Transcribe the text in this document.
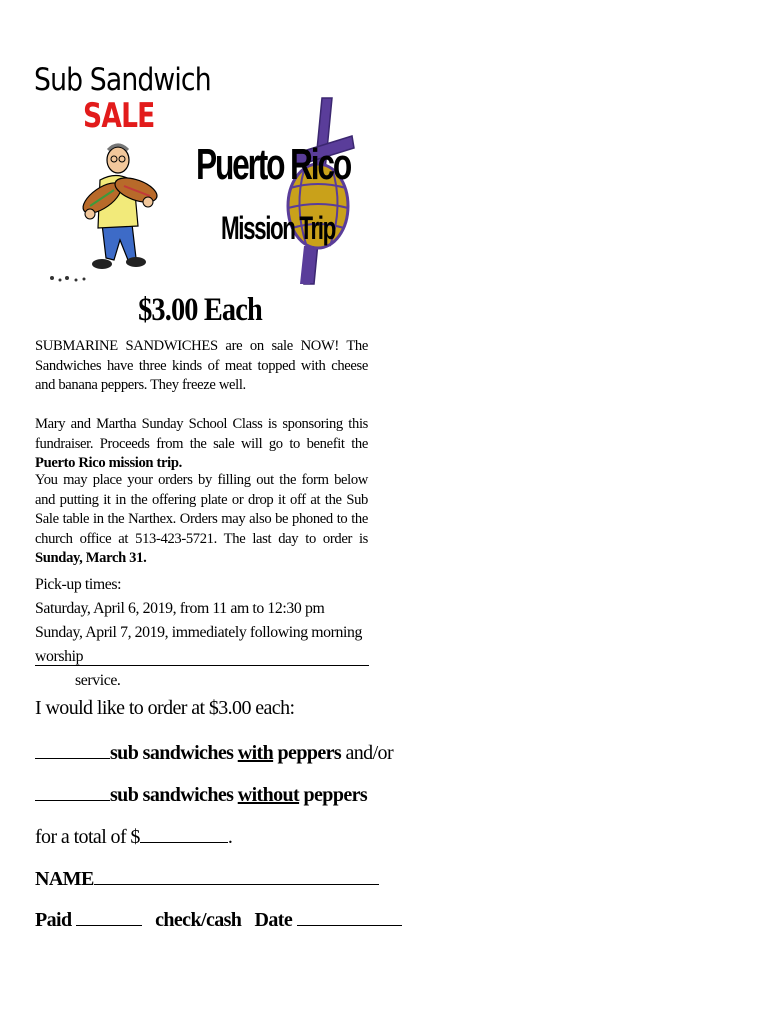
Sub Sandwich
SALE
Puerto Rico
Mission Trip
$3.00 Each
SUBMARINE SANDWICHES are on sale NOW! The Sandwiches have three kinds of meat topped with cheese and banana peppers. They freeze well.
Mary and Martha Sunday School Class is sponsoring this fundraiser. Proceeds from the sale will go to benefit the Puerto Rico mission trip.
You may place your orders by filling out the form below and putting it in the offering plate or drop it off at the Sub Sale table in the Narthex. Orders may also be phoned to the church office at 513-423-5721. The last day to order is Sunday, March 31.
Pick-up times:
Saturday, April 6, 2019, from 11 am to 12:30 pm
Sunday, April 7, 2019, immediately following morning worship
service.
I would like to order at $3.00 each:
sub sandwiches with peppers and/or
sub sandwiches without peppers
for a total of $	.
NAME
Paid	check/cash Date
